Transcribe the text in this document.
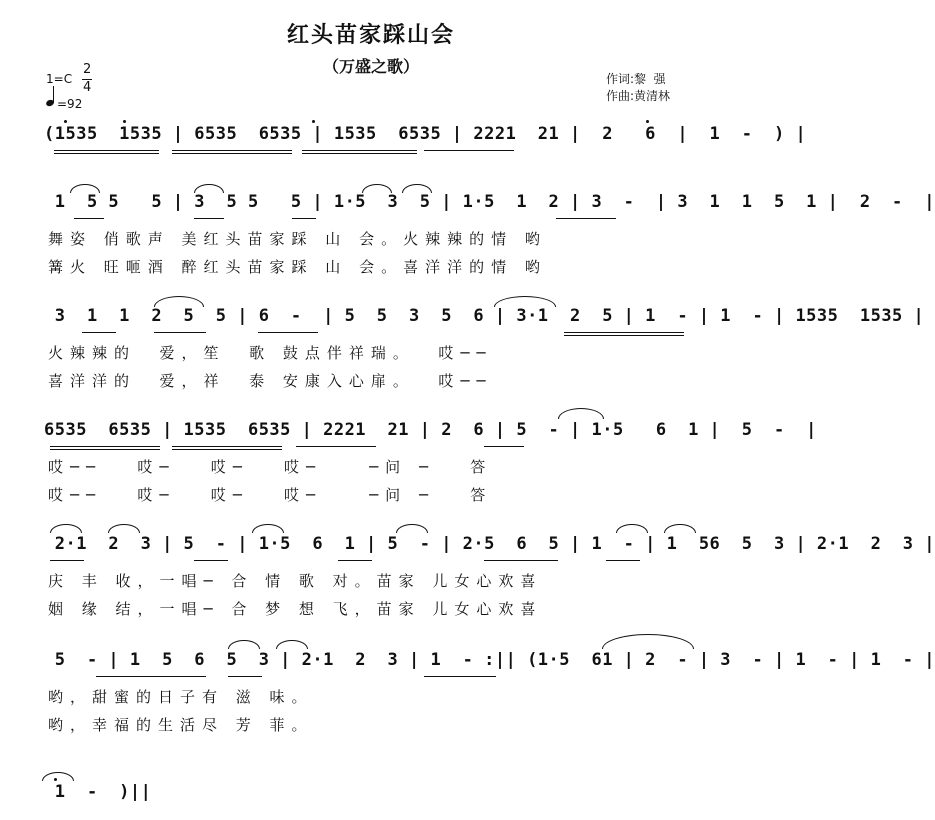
红头苗家踩山会
（万盛之歌）
作词:黎  强
作曲:黄清林
1=C
2
4
=92
(1535  1535 | 6535  6535 | 1535  6535 | 2221  21 |  2   6  |  1  -  ) |
1  5 5   5 | 3  5 5   5 | 1·5  3  5 | 1·5  1  2 | 3  -  | 3  1  1  5  1 |  2  -  |
舞姿 俏歌声 美红头苗家踩 山 会。火辣辣的情 哟
篝火 旺咂酒 醉红头苗家踩 山 会。喜洋洋的情 哟
3  1  1  2  5  5 | 6  -  | 5  5  3  5  6 | 3·1  2  5 | 1  - | 1  - | 1535  1535 |
火辣辣的  爱，笙  歌 鼓点伴祥瑞。  哎──
喜洋洋的  爱，祥  泰 安康入心扉。  哎──
6535  6535 | 1535  6535 | 2221  21 | 2  6 | 5  - | 1·5   6  1 |  5  -  |
哎──   哎─   哎─   哎─    ─问 ─   答
哎──   哎─   哎─   哎─    ─问 ─   答
2·1  2  3 | 5  - | 1·5  6  1 | 5  - | 2·5  6  5 | 1  - | 1  56  5  3 | 2·1  2  3 |
庆 丰 收，一唱─ 合 情 歌 对。苗家 儿女心欢喜
姻 缘 结，一唱─ 合 梦 想 飞，苗家 儿女心欢喜
5  - | 1  5  6  5  3 | 2·1  2  3 | 1  - :|| (1·5  61 | 2  - | 3  - | 1  - | 1  - |
哟，甜蜜的日子有 滋 味。
哟，幸福的生活尽 芳 菲。
1  -  )||
